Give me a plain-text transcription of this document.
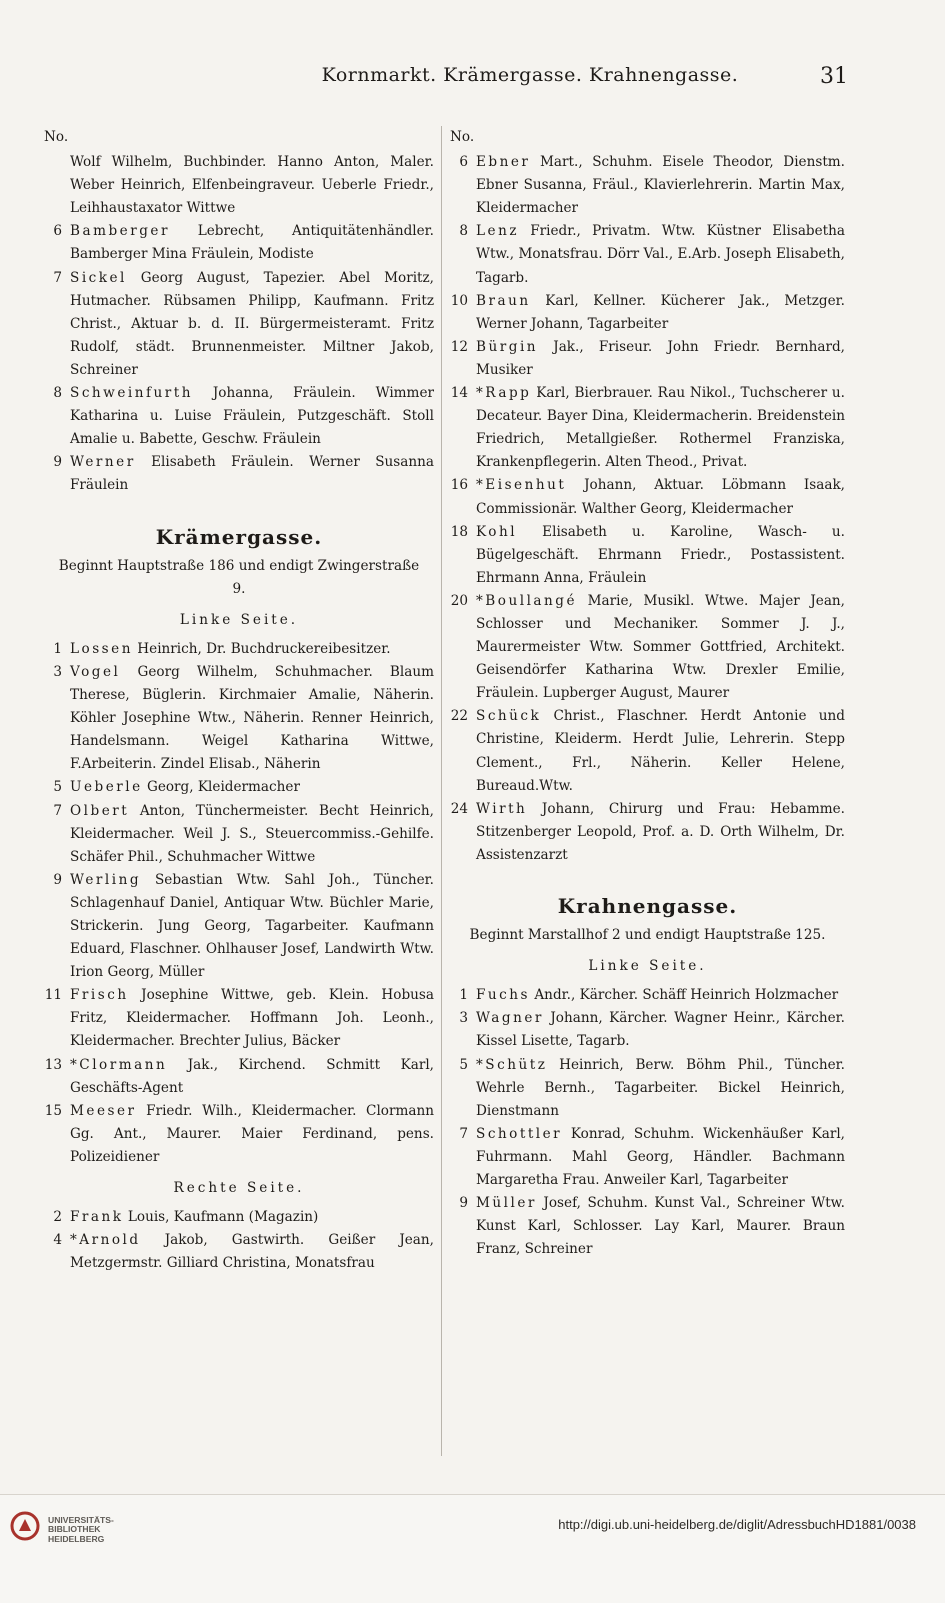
Kornmarkt. Krämergasse. Krahnengasse.	31
No.

Wolf Wilhelm, Buchbinder. Hanno Anton, Maler. Weber Heinrich, Elfenbeingraveur. Ueberle Friedr., Leihhaustaxator Wittwe

6 Bamberger Lebrecht, Antiquitätenhändler. Bamberger Mina Fräulein, Modiste

7 Sickel Georg August, Tapezier. Abel Moritz, Hutmacher. Rübsamen Philipp, Kaufmann. Fritz Christ., Aktuar b. d. II. Bürgermeisteramt. Fritz Rudolf, städt. Brunnenmeister. Miltner Jakob, Schreiner

8 Schweinfurth Johanna, Fräulein. Wimmer Katharina u. Luise Fräulein, Putzgeschäft. Stoll Amalie u. Babette, Geschw. Fräulein

9 Werner Elisabeth Fräulein. Werner Susanna Fräulein

Krämergasse.
Beginnt Hauptstraße 186 und endigt Zwingerstraße 9.
Linke Seite.

1 Lossen Heinrich, Dr. Buchdruckereibesitzer.

3 Vogel Georg Wilhelm, Schuhmacher. Blaum Therese, Büglerin. Kirchmaier Amalie, Näherin. Köhler Josephine Wtw., Näherin. Renner Heinrich, Handelsmann. Weigel Katharina Wittwe, F.Arbeiterin. Zindel Elisab., Näherin

5 Ueberle Georg, Kleidermacher

7 Olbert Anton, Tünchermeister. Becht Heinrich, Kleidermacher. Weil J. S., Steuercommiss.-Gehilfe. Schäfer Phil., Schuhmacher Wittwe

9 Werling Sebastian Wtw. Sahl Joh., Tüncher. Schlagenhauf Daniel, Antiquar Wtw. Büchler Marie, Strickerin. Jung Georg, Tagarbeiter. Kaufmann Eduard, Flaschner. Ohlhauser Josef, Landwirth Wtw. Irion Georg, Müller

11 Frisch Josephine Wittwe, geb. Klein. Hobusa Fritz, Kleidermacher. Hoffmann Joh. Leonh., Kleidermacher. Brechter Julius, Bäcker

13 *Clormann Jak., Kirchend. Schmitt Karl, Geschäfts-Agent

15 Meeser Friedr. Wilh., Kleidermacher. Clormann Gg. Ant., Maurer. Maier Ferdinand, pens. Polizeidiener

Rechte Seite.

2 Frank Louis, Kaufmann (Magazin)

4 *Arnold Jakob, Gastwirth. Geißer Jean, Metzgermstr. Gilliard Christina, Monatsfrau

No.

6 Ebner Mart., Schuhm. Eisele Theodor, Dienstm. Ebner Susanna, Fräul., Klavierlehrerin. Martin Max, Kleidermacher

8 Lenz Friedr., Privatm. Wtw. Küstner Elisabetha Wtw., Monatsfrau. Dörr Val., E.Arb. Joseph Elisabeth, Tagarb.

10 Braun Karl, Kellner. Kücherer Jak., Metzger. Werner Johann, Tagarbeiter

12 Bürgin Jak., Friseur. John Friedr. Bernhard, Musiker

14 *Rapp Karl, Bierbrauer. Rau Nikol., Tuchscherer u. Decateur. Bayer Dina, Kleidermacherin. Breidenstein Friedrich, Metallgießer. Rothermel Franziska, Krankenpflegerin. Alten Theod., Privat.

16 *Eisenhut Johann, Aktuar. Löbmann Isaak, Commissionär. Walther Georg, Kleidermacher

18 Kohl Elisabeth u. Karoline, Wasch- u. Bügelgeschäft. Ehrmann Friedr., Postassistent. Ehrmann Anna, Fräulein

20 *Boullangé Marie, Musikl. Wtwe. Majer Jean, Schlosser und Mechaniker. Sommer J. J., Maurermeister Wtw. Sommer Gottfried, Architekt. Geisendörfer Katharina Wtw. Drexler Emilie, Fräulein. Lupberger August, Maurer

22 Schück Christ., Flaschner. Herdt Antonie und Christine, Kleiderm. Herdt Julie, Lehrerin. Stepp Clement., Frl., Näherin. Keller Helene, Bureaud.Wtw.

24 Wirth Johann, Chirurg und Frau: Hebamme. Stitzenberger Leopold, Prof. a. D. Orth Wilhelm, Dr. Assistenzarzt

Krahnengasse.
Beginnt Marstallhof 2 und endigt Hauptstraße 125.
Linke Seite.

1 Fuchs Andr., Kärcher. Schäff Heinrich Holzmacher

3 Wagner Johann, Kärcher. Wagner Heinr., Kärcher. Kissel Lisette, Tagarb.

5 *Schütz Heinrich, Berw. Böhm Phil., Tüncher. Wehrle Bernh., Tagarbeiter. Bickel Heinrich, Dienstmann

7 Schottler Konrad, Schuhm. Wickenhäußer Karl, Fuhrmann. Mahl Georg, Händler. Bachmann Margaretha Frau. Anweiler Karl, Tagarbeiter

9 Müller Josef, Schuhm. Kunst Val., Schreiner Wtw. Kunst Karl, Schlosser. Lay Karl, Maurer. Braun Franz, Schreiner

UNIVERSITÄTS-
BIBLIOTHEK
HEIDELBERG
http://digi.ub.uni-heidelberg.de/diglit/AdressbuchHD1881/0038
